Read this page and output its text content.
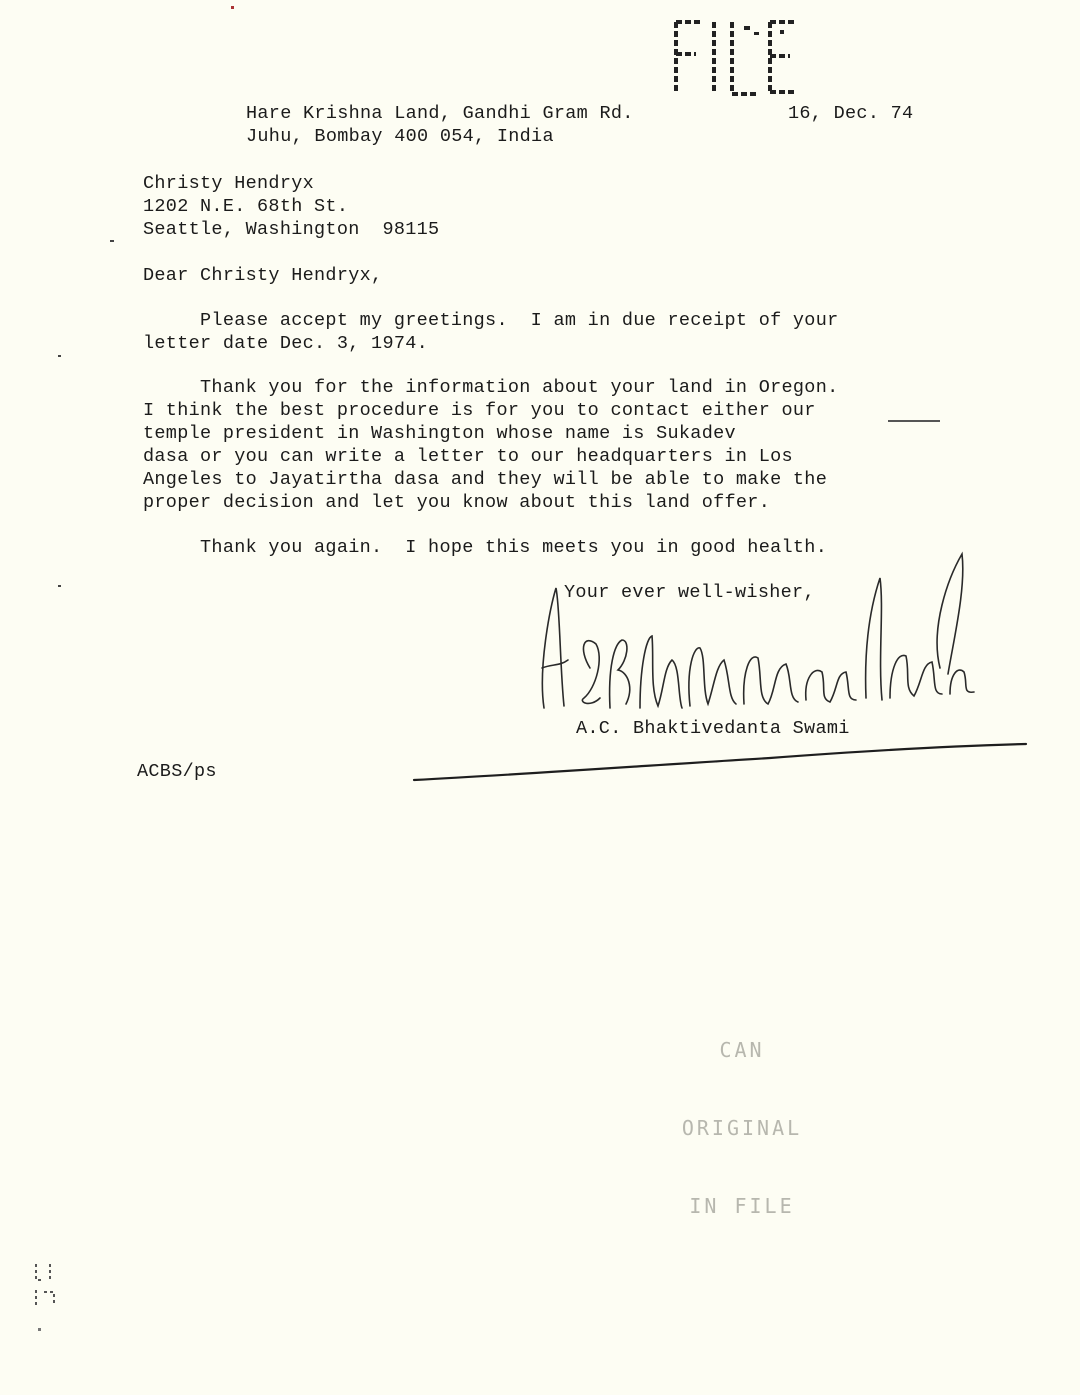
Hare Krishna Land, Gandhi Gram Rd.
Juhu, Bombay 400 054, India
16, Dec. 74
Christy Hendryx
1202 N.E. 68th St.
Seattle, Washington  98115
Dear Christy Hendryx,
Please accept my greetings.  I am in due receipt of your
letter date Dec. 3, 1974.
Thank you for the information about your land in Oregon.
I think the best procedure is for you to contact either our
temple president in Washington whose name is Sukadev
dasa or you can write a letter to our headquarters in Los
Angeles to Jayatirtha dasa and they will be able to make the
proper decision and let you know about this land offer.
Thank you again.  I hope this meets you in good health.
Your ever well-wisher,
A.C. Bhaktivedanta Swami
ACBS/ps

CAN

ORIGINAL

IN FILE
